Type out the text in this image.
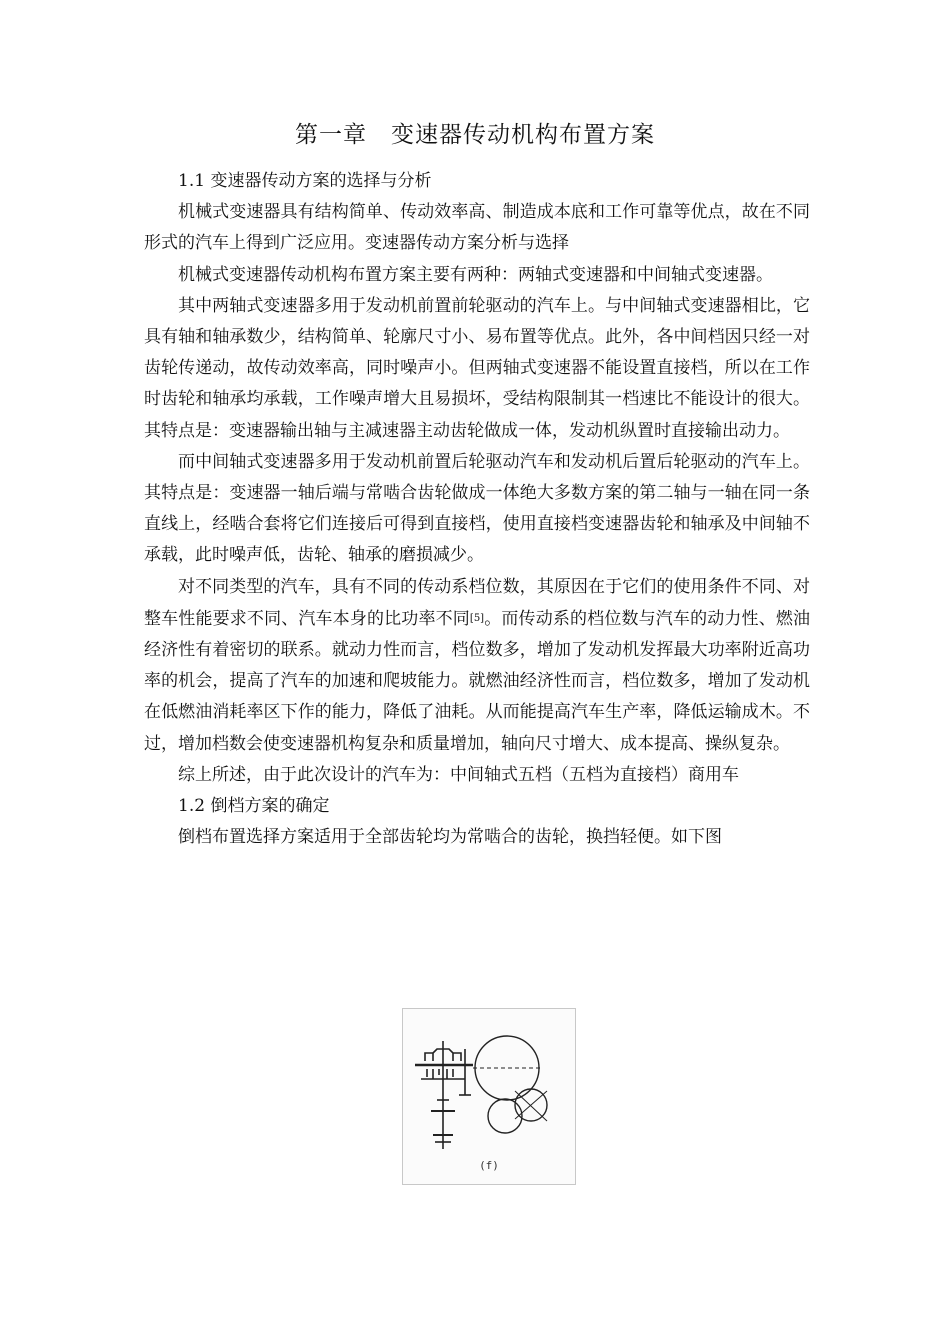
第一章　变速器传动机构布置方案

1.1 变速器传动方案的选择与分析

机械式变速器具有结构简单、传动效率高、制造成本底和工作可靠等优点，故在不同形式的汽车上得到广泛应用。变速器传动方案分析与选择

机械式变速器传动机构布置方案主要有两种：两轴式变速器和中间轴式变速器。

其中两轴式变速器多用于发动机前置前轮驱动的汽车上。与中间轴式变速器相比，它具有轴和轴承数少，结构简单、轮廓尺寸小、易布置等优点。此外，各中间档因只经一对齿轮传递动，故传动效率高，同时噪声小。但两轴式变速器不能设置直接档，所以在工作时齿轮和轴承均承载，工作噪声增大且易损坏，受结构限制其一档速比不能设计的很大。其特点是：变速器输出轴与主减速器主动齿轮做成一体，发动机纵置时直接输出动力。

而中间轴式变速器多用于发动机前置后轮驱动汽车和发动机后置后轮驱动的汽车上。其特点是：变速器一轴后端与常啮合齿轮做成一体绝大多数方案的第二轴与一轴在同一条直线上，经啮合套将它们连接后可得到直接档，使用直接档变速器齿轮和轴承及中间轴不承载，此时噪声低，齿轮、轴承的磨损减少。

对不同类型的汽车，具有不同的传动系档位数，其原因在于它们的使用条件不同、对整车性能要求不同、汽车本身的比功率不同[5]。而传动系的档位数与汽车的动力性、燃油经济性有着密切的联系。就动力性而言，档位数多，增加了发动机发挥最大功率附近高功率的机会，提高了汽车的加速和爬坡能力。就燃油经济性而言，档位数多，增加了发动机在低燃油消耗率区下作的能力，降低了油耗。从而能提高汽车生产率，降低运输成木。不过，增加档数会使变速器机构复杂和质量增加，轴向尺寸增大、成本提高、操纵复杂。

综上所述，由于此次设计的汽车为：中间轴式五档（五档为直接档）商用车

1.2 倒档方案的确定

倒档布置选择方案适用于全部齿轮均为常啮合的齿轮，换挡轻便。如下图

(f)
